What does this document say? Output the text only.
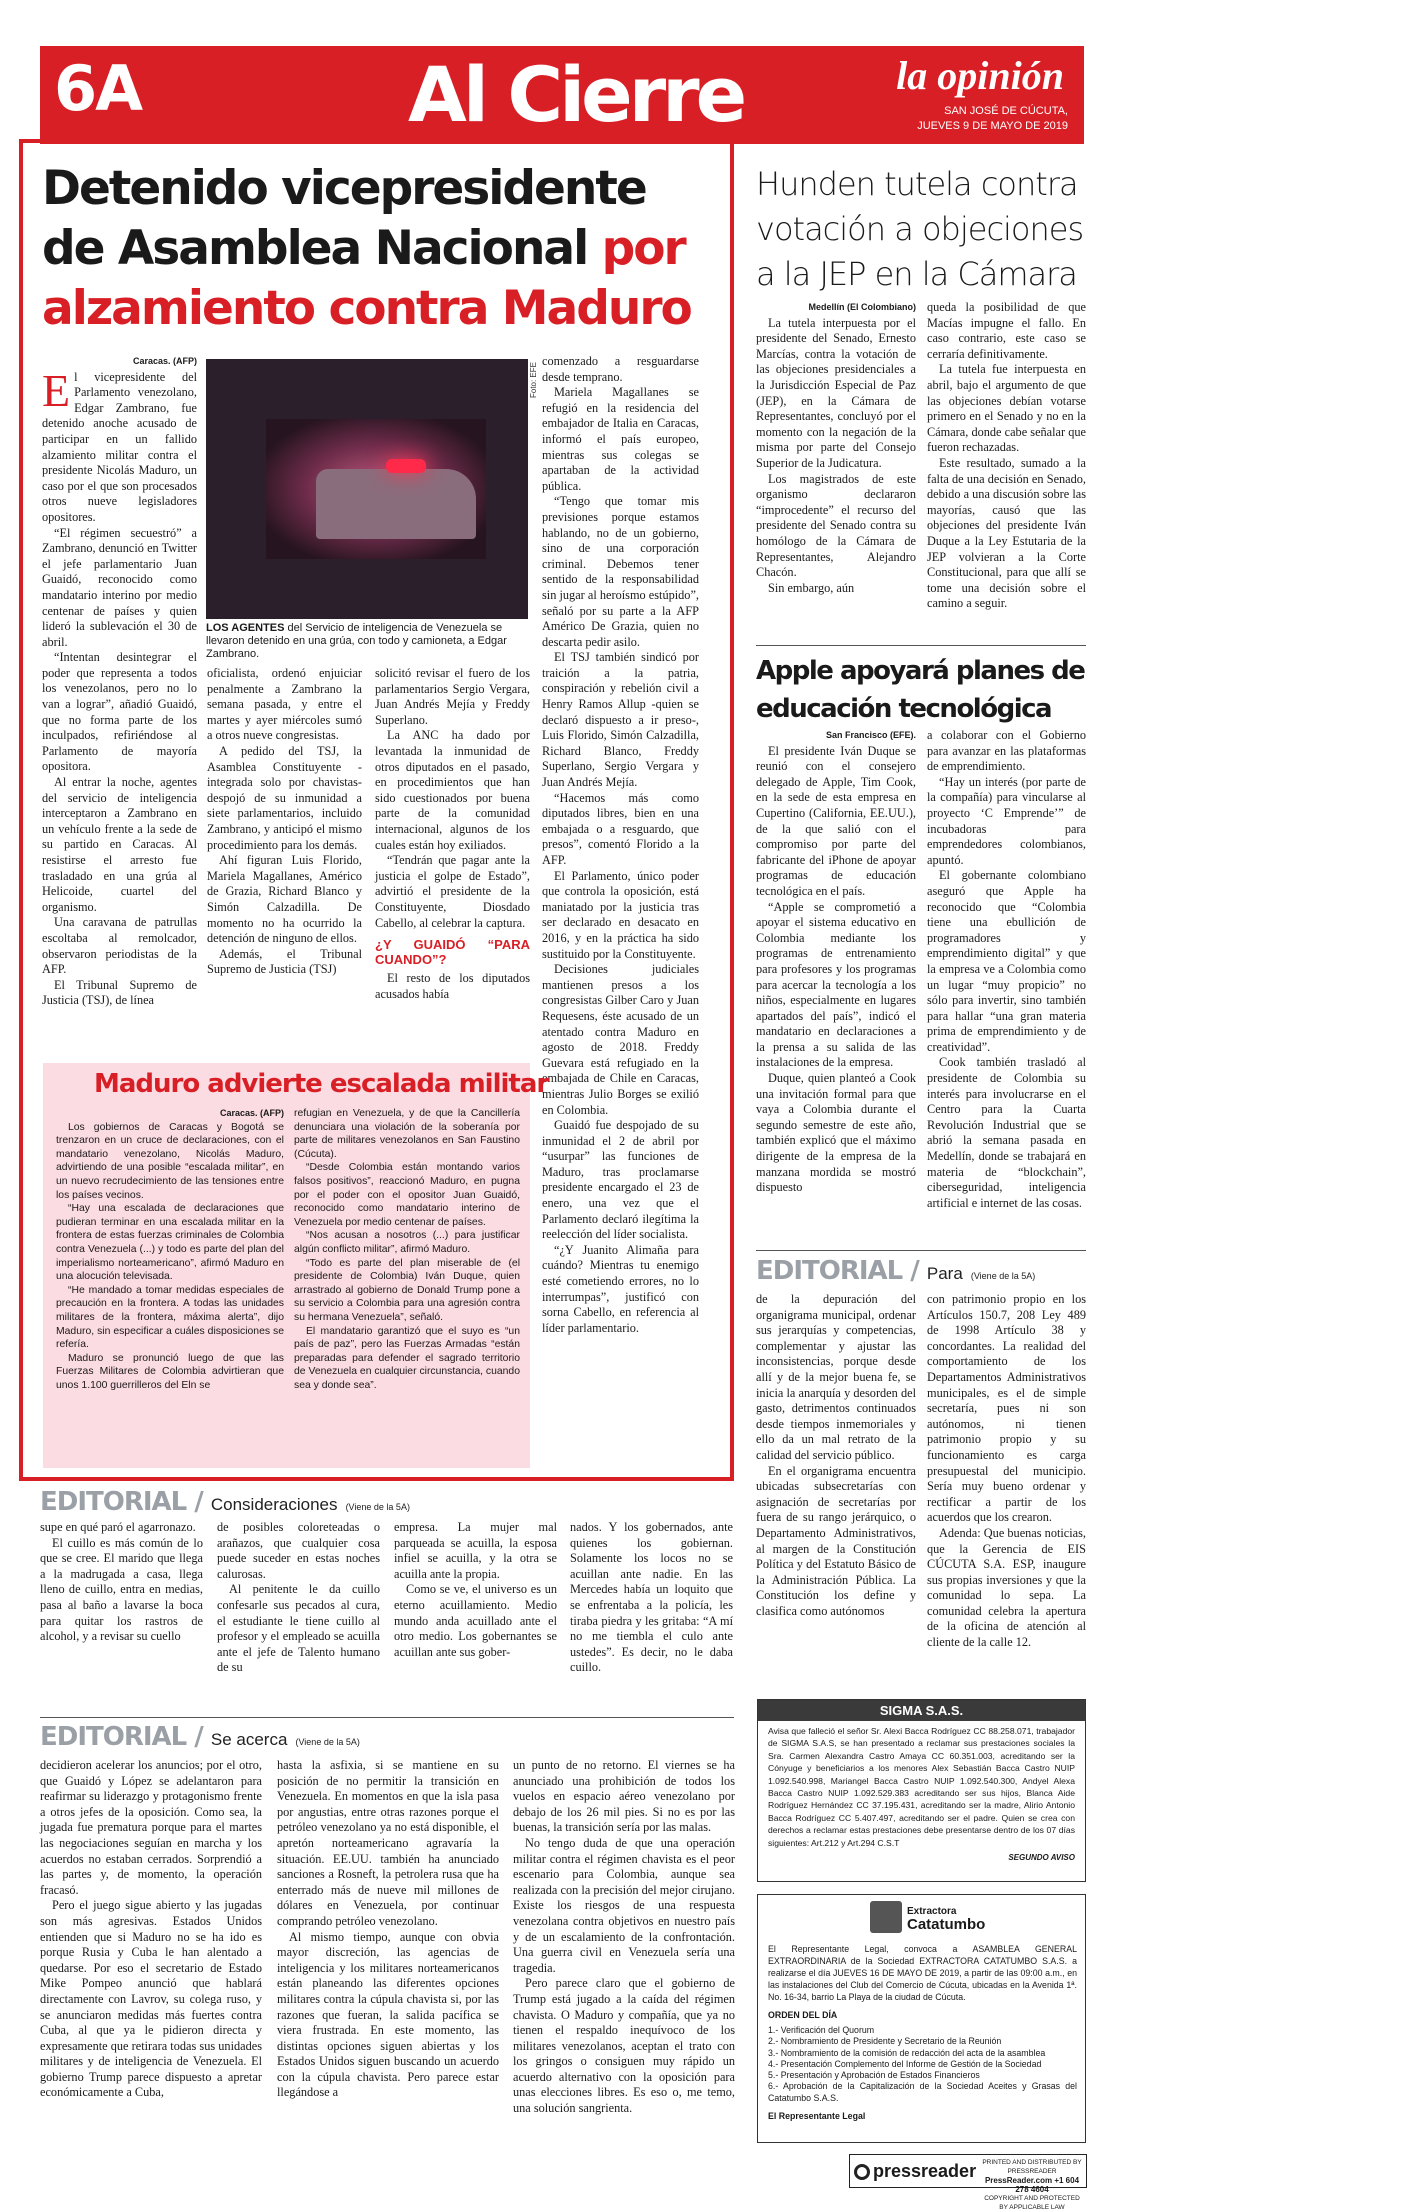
6A	Al Cierre	la opinión
SAN JOSÉ DE CÚCUTA,
JUEVES 9 DE MAYO DE 2019
Detenido vicepresidente
de Asamblea Nacional por
alzamiento contra Maduro
Foto: EFE
LOS AGENTES del Servicio de inteligencia de Venezuela se llevaron detenido en una grúa, con todo y camioneta, a Edgar Zambrano.
Caracas. (AFP)
E l vicepresidente del Parlamento venezolano, Edgar Zambrano, fue detenido anoche acusado de participar en un fallido alzamiento militar contra el presidente Nicolás Maduro, un caso por el que son procesados otros nueve legisladores opositores.

“El régimen secuestró” a Zambrano, denunció en Twitter el jefe parlamentario Juan Guaidó, reconocido como mandatario interino por medio centenar de países y quien lideró la sublevación el 30 de abril.

“Intentan desintegrar el poder que representa a todos los venezolanos, pero no lo van a lograr”, añadió Guaidó, que no forma parte de los inculpados, refiriéndose al Parlamento de mayoría opositora.

Al entrar la noche, agentes del servicio de inteligencia interceptaron a Zambrano en un vehículo frente a la sede de su partido en Caracas. Al resistirse el arresto fue trasladado en una grúa al Helicoide, cuartel del organismo.

Una caravana de patrullas escoltaba al remolcador, observaron periodistas de la AFP.

El Tribunal Supremo de Justicia (TSJ), de línea

oficialista, ordenó enjuiciar penalmente a Zambrano la semana pasada, y entre el martes y ayer miércoles sumó a otros nueve congresistas.

A pedido del TSJ, la Asamblea Constituyente -integrada solo por chavistas- despojó de su inmunidad a siete parlamentarios, incluido Zambrano, y anticipó el mismo procedimiento para los demás.

Ahí figuran Luis Florido, Mariela Magallanes, Américo de Grazia, Richard Blanco y Simón Calzadilla. De momento no ha ocurrido la detención de ninguno de ellos.

Además, el Tribunal Supremo de Justicia (TSJ)

solicitó revisar el fuero de los parlamentarios Sergio Vergara, Juan Andrés Mejía y Freddy Superlano.

La ANC ha dado por levantada la inmunidad de otros diputados en el pasado, en procedimientos que han sido cuestionados por buena parte de la comunidad internacional, algunos de los cuales están hoy exiliados.

“Tendrán que pagar ante la justicia el golpe de Estado”, advirtió el presidente de la Constituyente, Diosdado Cabello, al celebrar la captura.

¿Y GUAIDÓ “PARA CUANDO”?

El resto de los diputados acusados había

comenzado a resguardarse desde temprano.

Mariela Magallanes se refugió en la residencia del embajador de Italia en Caracas, informó el país europeo, mientras sus colegas se apartaban de la actividad pública.

“Tengo que tomar mis previsiones porque estamos hablando, no de un gobierno, sino de una corporación criminal. Debemos tener sentido de la responsabilidad sin jugar al heroísmo estúpido”, señaló por su parte a la AFP Américo De Grazia, quien no descarta pedir asilo.

El TSJ también sindicó por traición a la patria, conspiración y rebelión civil a Henry Ramos Allup -quien se declaró dispuesto a ir preso-, Luis Florido, Simón Calzadilla, Richard Blanco, Freddy Superlano, Sergio Vergara y Juan Andrés Mejía.

“Hacemos más como diputados libres, bien en una embajada o a resguardo, que presos”, comentó Florido a la AFP.

El Parlamento, único poder que controla la oposición, está maniatado por la justicia tras ser declarado en desacato en 2016, y en la práctica ha sido sustituido por la Constituyente.

Decisiones judiciales mantienen presos a los congresistas Gilber Caro y Juan Requesens, éste acusado de un atentado contra Maduro en agosto de 2018. Freddy Guevara está refugiado en la embajada de Chile en Caracas, mientras Julio Borges se exilió en Colombia.

Guaidó fue despojado de su inmunidad el 2 de abril por “usurpar” las funciones de Maduro, tras proclamarse presidente encargado el 23 de enero, una vez que el Parlamento declaró ilegítima la reelección del líder socialista.

“¿Y Juanito Alimaña para cuándo? Mientras tu enemigo esté cometiendo errores, no lo interrumpas”, justificó con sorna Cabello, en referencia al líder parlamentario.

Maduro advierte escalada militar
Caracas. (AFP)

Los gobiernos de Caracas y Bogotá se trenzaron en un cruce de declaraciones, con el mandatario venezolano, Nicolás Maduro, advirtiendo de una posible “escalada militar”, en un nuevo recrudecimiento de las tensiones entre los países vecinos.

“Hay una escalada de declaraciones que pudieran terminar en una escalada militar en la frontera de estas fuerzas criminales de Colombia contra Venezuela (...) y todo es parte del plan del imperialismo norteamericano”, afirmó Maduro en una alocución televisada.

“He mandado a tomar medidas especiales de precaución en la frontera. A todas las unidades militares de la frontera, máxima alerta”, dijo Maduro, sin especificar a cuáles disposiciones se refería.

Maduro se pronunció luego de que las Fuerzas Militares de Colombia advirtieran que unos 1.100 guerrilleros del Eln se

refugian en Venezuela, y de que la Cancillería denunciara una violación de la soberanía por parte de militares venezolanos en San Faustino (Cúcuta).

“Desde Colombia están montando varios falsos positivos”, reaccionó Maduro, en pugna por el poder con el opositor Juan Guaidó, reconocido como mandatario interino de Venezuela por medio centenar de países.

“Nos acusan a nosotros (...) para justificar algún conflicto militar”, afirmó Maduro.

“Todo es parte del plan miserable de (el presidente de Colombia) Iván Duque, quien arrastrado al gobierno de Donald Trump pone a su servicio a Colombia para una agresión contra su hermana Venezuela”, señaló.

El mandatario garantizó que el suyo es “un país de paz”, pero las Fuerzas Armadas “están preparadas para defender el sagrado territorio de Venezuela en cualquier circunstancia, cuando sea y donde sea”.

Hunden tutela contra votación a objeciones a la JEP en la Cámara
Medellín (El Colombiano)

La tutela interpuesta por el presidente del Senado, Ernesto Marcías, contra la votación de las objeciones presidenciales a la Jurisdicción Especial de Paz (JEP), en la Cámara de Representantes, concluyó por el momento con la negación de la misma por parte del Consejo Superior de la Judicatura.

Los magistrados de este organismo declararon “improcedente” el recurso del presidente del Senado contra su homólogo de la Cámara de Representantes, Alejandro Chacón.

Sin embargo, aún

queda la posibilidad de que Macías impugne el fallo. En caso contrario, este caso se cerraría definitivamente.

La tutela fue interpuesta en abril, bajo el argumento de que las objeciones debían votarse primero en el Senado y no en la Cámara, donde cabe señalar que fueron rechazadas.

Este resultado, sumado a la falta de una decisión en Senado, debido a una discusión sobre las mayorías, causó que las objeciones del presidente Iván Duque a la Ley Estutaria de la JEP volvieran a la Corte Constitucional, para que allí se tome una decisión sobre el camino a seguir.

Apple apoyará planes de educación tecnológica
San Francisco (EFE).

El presidente Iván Duque se reunió con el consejero delegado de Apple, Tim Cook, en la sede de esta empresa en Cupertino (California, EE.UU.), de la que salió con el compromiso por parte del fabricante del iPhone de apoyar programas de educación tecnológica en el país.

“Apple se comprometió a apoyar el sistema educativo en Colombia mediante los programas de entrenamiento para profesores y los programas para acercar la tecnología a los niños, especialmente en lugares apartados del país”, indicó el mandatario en declaraciones a la prensa a su salida de las instalaciones de la empresa.

Duque, quien planteó a Cook una invitación formal para que vaya a Colombia durante el segundo semestre de este año, también explicó que el máximo dirigente de la empresa de la manzana mordida se mostró dispuesto

a colaborar con el Gobierno para avanzar en las plataformas de emprendimiento.

“Hay un interés (por parte de la compañía) para vincularse al proyecto ‘C Emprende’” de incubadoras para emprendedores colombianos, apuntó.

El gobernante colombiano aseguró que Apple ha reconocido que “Colombia tiene una ebullición de programadores y emprendimiento digital” y que la empresa ve a Colombia como un lugar “muy propicio” no sólo para invertir, sino también para hallar “una gran materia prima de emprendimiento y de creatividad”.

Cook también trasladó al presidente de Colombia su interés para involucrarse en el Centro para la Cuarta Revolución Industrial que se abrió la semana pasada en Medellín, donde se trabajará en materia de “blockchain”, ciberseguridad, inteligencia artificial e internet de las cosas.

EDITORIAL / Para (Viene de la 5A)

de la depuración del organigrama municipal, ordenar sus jerarquías y competencias, complementar y ajustar las inconsistencias, porque desde allí y de la mejor buena fe, se inicia la anarquía y desorden del gasto, detrimentos continuados desde tiempos inmemoriales y ello da un mal retrato de la calidad del servicio público.

En el organigrama encuentra ubicadas subsecretarías con asignación de secretarías por fuera de su rango jerárquico, o Departamento Administrativos, al margen de la Constitución Política y del Estatuto Básico de la Administración Pública. La Constitución los define y clasifica como autónomos

con patrimonio propio en los Artículos 150.7, 208 Ley 489 de 1998 Artículo 38 y concordantes. La realidad del comportamiento de los Departamentos Administrativos municipales, es el de simple secretaría, pues ni son autónomos, ni tienen patrimonio propio y su funcionamiento es carga presupuestal del municipio. Sería muy bueno ordenar y rectificar a partir de los acuerdos que los crearon.

Adenda: Que buenas noticias, que la Gerencia de EIS CÚCUTA S.A. ESP, inaugure sus propias inversiones y que la comunidad lo sepa. La comunidad celebra la apertura de la oficina de atención al cliente de la calle 12.

EDITORIAL / Consideraciones (Viene de la 5A)

supe en qué paró el agarronazo.

El cuillo es más común de lo que se cree. El marido que llega a la madrugada a casa, llega lleno de cuillo, entra en medias, pasa al baño a lavarse la boca para quitar los rastros de alcohol, y a revisar su cuello

de posibles coloreteadas o arañazos, que cualquier cosa puede suceder en estas noches calurosas.

Al penitente le da cuillo confesarle sus pecados al cura, el estudiante le tiene cuillo al profesor y el empleado se acuilla ante el jefe de Talento humano de su

empresa. La mujer mal parqueada se acuilla, la esposa infiel se acuilla, y la otra se acuilla ante la propia.

Como se ve, el universo es un eterno acuillamiento. Medio mundo anda acuillado ante el otro medio. Los gobernantes se acuillan ante sus gober-

nados. Y los gobernados, ante quienes los gobiernan. Solamente los locos no se acuillan ante nadie. En las Mercedes había un loquito que se enfrentaba a la policía, les tiraba piedra y les gritaba: “A mí no me tiembla el culo ante ustedes”. Es decir, no le daba cuillo.

EDITORIAL / Se acerca (Viene de la 5A)

decidieron acelerar los anuncios; por el otro, que Guaidó y López se adelantaron para reafirmar su liderazgo y protagonismo frente a otros jefes de la oposición. Como sea, la jugada fue prematura porque para el martes las negociaciones seguían en marcha y los acuerdos no estaban cerrados. Sorprendió a las partes y, de momento, la operación fracasó.

Pero el juego sigue abierto y las jugadas son más agresivas. Estados Unidos entienden que si Maduro no se ha ido es porque Rusia y Cuba le han alentado a quedarse. Por eso el secretario de Estado Mike Pompeo anunció que hablará directamente con Lavrov, su colega ruso, y se anunciaron medidas más fuertes contra Cuba, al que ya le pidieron directa y expresamente que retirara todas sus unidades militares y de inteligencia de Venezuela. El gobierno Trump parece dispuesto a apretar económicamente a Cuba,

hasta la asfixia, si se mantiene en su posición de no permitir la transición en Venezuela. En momentos en que la isla pasa por angustias, entre otras razones porque el petróleo venezolano ya no está disponible, el apretón norteamericano agravaría la situación. EE.UU. también ha anunciado sanciones a Rosneft, la petrolera rusa que ha enterrado más de nueve mil millones de dólares en Venezuela, por continuar comprando petróleo venezolano.

Al mismo tiempo, aunque con obvia mayor discreción, las agencias de inteligencia y los militares norteamericanos están planeando las diferentes opciones militares contra la cúpula chavista si, por las razones que fueran, la salida pacífica se viera frustrada. En este momento, las distintas opciones siguen abiertas y los Estados Unidos siguen buscando un acuerdo con la cúpula chavista. Pero parece estar llegándose a

un punto de no retorno. El viernes se ha anunciado una prohibición de todos los vuelos en espacio aéreo venezolano por debajo de los 26 mil pies. Si no es por las buenas, la transición sería por las malas.

No tengo duda de que una operación militar contra el régimen chavista es el peor escenario para Colombia, aunque sea realizada con la precisión del mejor cirujano. Existe los riesgos de una respuesta venezolana contra objetivos en nuestro país y de un escalamiento de la confrontación. Una guerra civil en Venezuela sería una tragedia.

Pero parece claro que el gobierno de Trump está jugado a la caída del régimen chavista. O Maduro y compañía, que ya no tienen el respaldo inequívoco de los militares venezolanos, aceptan el trato con los gringos o consiguen muy rápido un acuerdo alternativo con la oposición para unas elecciones libres. Es eso o, me temo, una solución sangrienta.

SIGMA S.A.S.
Avisa que falleció el señor Sr. Alexi Bacca Rodríguez CC 88.258.071, trabajador de SIGMA S.A.S, se han presentado a reclamar sus prestaciones sociales la Sra. Carmen Alexandra Castro Amaya CC 60.351.003, acreditando ser la Cónyuge y beneficiarios a los menores Alex Sebastián Bacca Castro NUIP 1.092.540.998, Mariangel Bacca Castro NUIP 1.092.540.300, Andyel Alexa Bacca Castro NUIP 1.092.529.383 acreditando ser sus hijos, Blanca Aide Rodríguez Hernández CC 37.195.431, acreditando ser la madre, Alirio Antonio Bacca Rodríguez CC 5.407.497, acreditando ser el padre. Quien se crea con derechos a reclamar estas prestaciones debe presentarse dentro de los 07 días siguientes: Art.212 y Art.294 C.S.T
SEGUNDO AVISO
Extractora
Catatumbo
El Representante Legal, convoca a ASAMBLEA GENERAL EXTRAORDINARIA de la Sociedad EXTRACTORA CATATUMBO S.A.S. a realizarse el día JUEVES 16 DE MAYO DE 2019, a partir de las 09:00 a.m., en las instalaciones del Club del Comercio de Cúcuta, ubicadas en la Avenida 1ª. No. 16-34, barrio La Playa de la ciudad de Cúcuta.
ORDEN DEL DÍA
1.- Verificación del Quorum
2.- Nombramiento de Presidente y Secretario de la Reunión
3.- Nombramiento de la comisión de redacción del acta de la asamblea
4.- Presentación Complemento del Informe de Gestión de la Sociedad
5.- Presentación y Aprobación de Estados Financieros
6.- Aprobación de la Capitalización de la Sociedad Aceites y Grasas del Catatumbo S.A.S.
El Representante Legal
pressreader PRINTED AND DISTRIBUTED BY PRESSREADER
PressReader.com +1 604 278 4604
COPYRIGHT AND PROTECTED BY APPLICABLE LAW
